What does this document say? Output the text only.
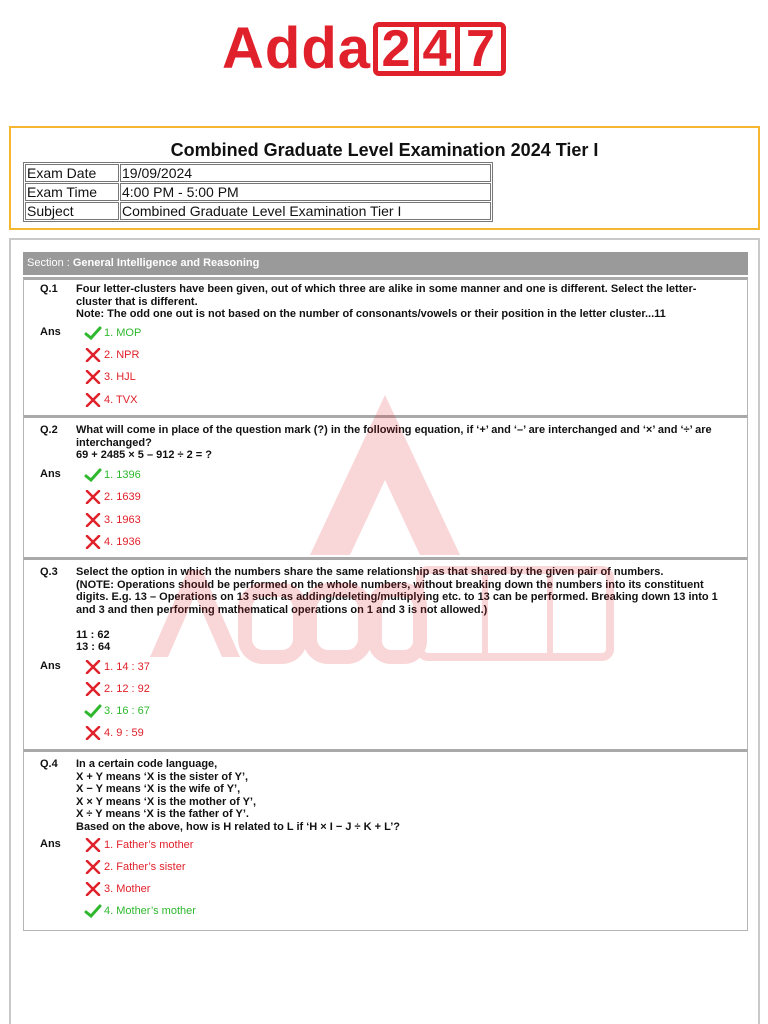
Adda 2 4 7
Combined Graduate Level Examination 2024 Tier I
Exam Date	19/09/2024
Exam Time	4:00 PM - 5:00 PM
Subject	Combined Graduate Level Examination Tier I
Section : General Intelligence and Reasoning
Q.1 Four letter-clusters have been given, out of which three are alike in some manner and one is different. Select the letter-

cluster that is different.

Note: The odd one out is not based on the number of consonants/vowels or their position in the letter cluster...11

Ans	1. MOP
2. NPR
3. HJL
4. TVX
Q.2 What will come in place of the question mark (?) in the following equation, if ‘+’ and ‘–’ are interchanged and ‘×’ and ‘÷’ are

interchanged?

69 + 2485 × 5 – 912 ÷ 2 = ?

Ans	1. 1396
2. 1639
3. 1963
4. 1936
Q.3 Select the option in which the numbers share the same relationship as that shared by the given pair of numbers.

(NOTE: Operations should be performed on the whole numbers, without breaking down the numbers into its constituent

digits. E.g. 13 – Operations on 13 such as adding/deleting/multiplying etc. to 13 can be performed. Breaking down 13 into 1

and 3 and then performing mathematical operations on 1 and 3 is not allowed.)

11 : 62

13 : 64

Ans	1. 14 : 37
2. 12 : 92
3. 16 : 67
4. 9 : 59
Q.4 In a certain code language,

X + Y means ‘X is the sister of Y’,

X − Y means ‘X is the wife of Y’,

X × Y means ‘X is the mother of Y’,

X ÷ Y means ‘X is the father of Y’.

Based on the above, how is H related to L if ‘H × I − J ÷ K + L’?

Ans	1. Father’s mother
2. Father’s sister
3. Mother
4. Mother’s mother
